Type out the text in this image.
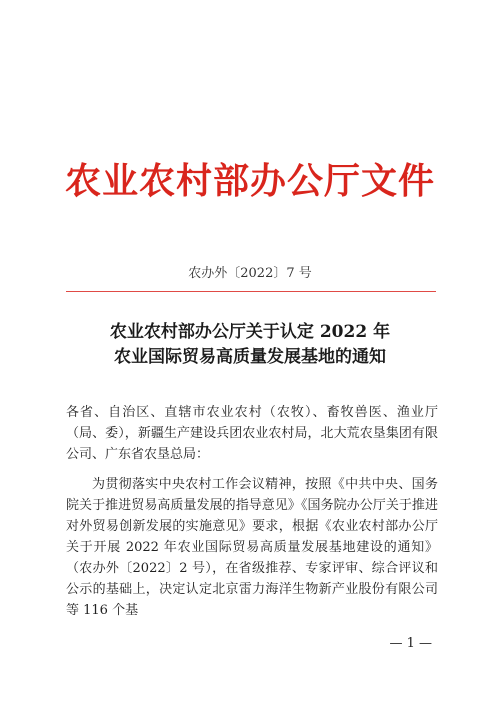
农业农村部办公厅文件
农办外〔2022〕7 号
农业农村部办公厅关于认定 2022 年
农业国际贸易高质量发展基地的通知
各省、自治区、直辖市农业农村（农牧）、畜牧兽医、渔业厅（局、委），新疆生产建设兵团农业农村局，北大荒农垦集团有限公司、广东省农垦总局：
为贯彻落实中央农村工作会议精神，按照《中共中央、国务院关于推进贸易高质量发展的指导意见》《国务院办公厅关于推进对外贸易创新发展的实施意见》要求，根据《农业农村部办公厅关于开展 2022 年农业国际贸易高质量发展基地建设的通知》（农办外〔2022〕2 号），在省级推荐、专家评审、综合评议和公示的基础上，决定认定北京雷力海洋生物新产业股份有限公司等 116 个基
— 1 —
